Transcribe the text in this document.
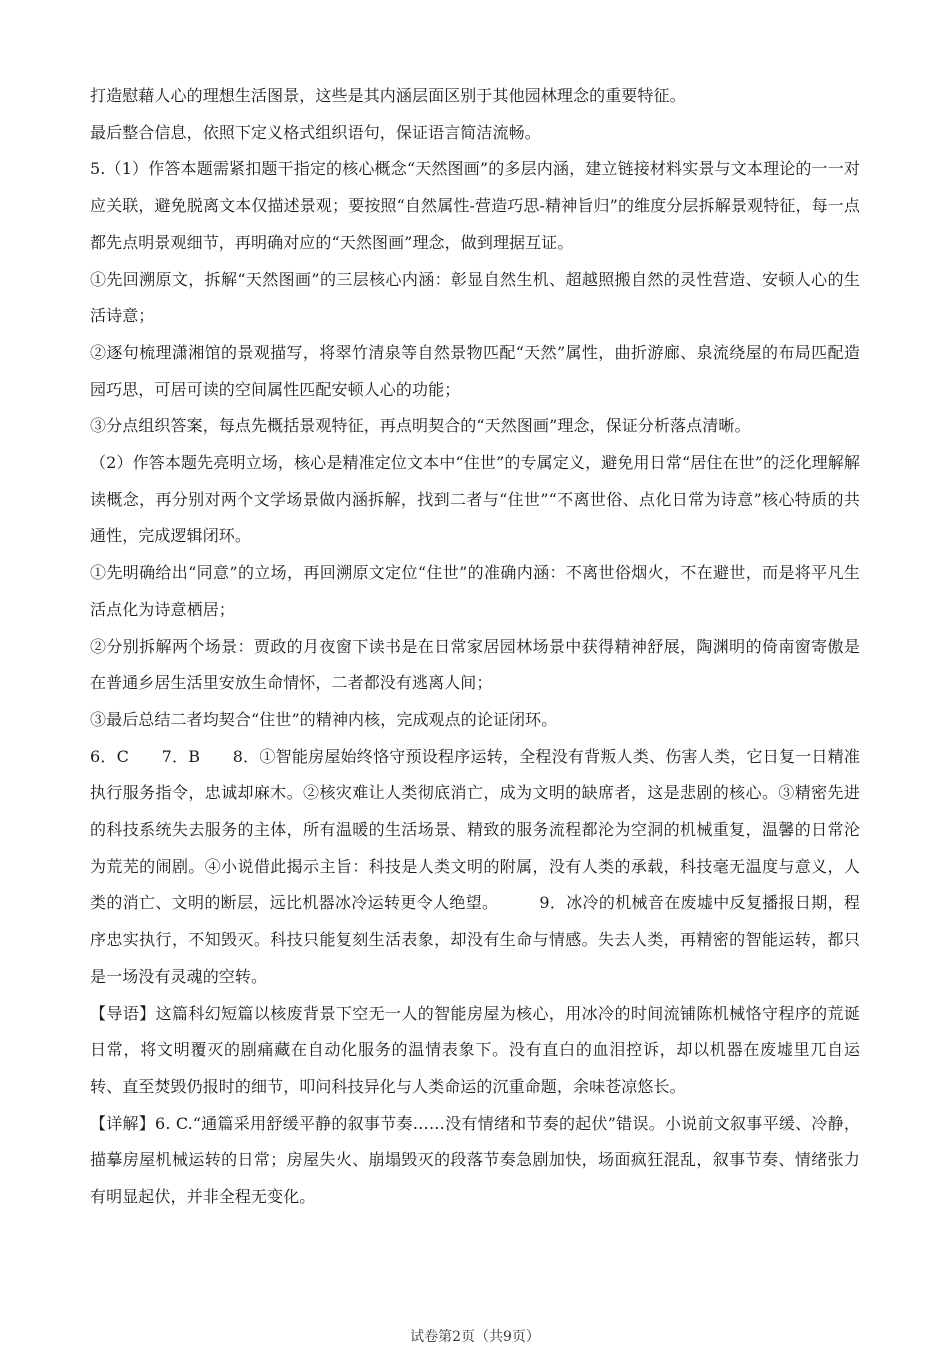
打造慰藉人心的理想生活图景，这些是其内涵层面区别于其他园林理念的重要特征。

最后整合信息，依照下定义格式组织语句，保证语言简洁流畅。

5.（1）作答本题需紧扣题干指定的核心概念“天然图画”的多层内涵，建立链接材料实景与文本理论的一一对应关联，避免脱离文本仅描述景观；要按照“自然属性-营造巧思-精神旨归”的维度分层拆解景观特征，每一点都先点明景观细节，再明确对应的“天然图画”理念，做到理据互证。

①先回溯原文，拆解“天然图画”的三层核心内涵：彰显自然生机、超越照搬自然的灵性营造、安顿人心的生活诗意；

②逐句梳理潇湘馆的景观描写，将翠竹清泉等自然景物匹配“天然”属性，曲折游廊、泉流绕屋的布局匹配造园巧思，可居可读的空间属性匹配安顿人心的功能；

③分点组织答案，每点先概括景观特征，再点明契合的“天然图画”理念，保证分析落点清晰。

（2）作答本题先亮明立场，核心是精准定位文本中“住世”的专属定义，避免用日常“居住在世”的泛化理解解读概念，再分别对两个文学场景做内涵拆解，找到二者与“住世”“不离世俗、点化日常为诗意”核心特质的共通性，完成逻辑闭环。

①先明确给出“同意”的立场，再回溯原文定位“住世”的准确内涵：不离世俗烟火，不在避世，而是将平凡生活点化为诗意栖居；

②分别拆解两个场景：贾政的月夜窗下读书是在日常家居园林场景中获得精神舒展，陶渊明的倚南窗寄傲是在普通乡居生活里安放生命情怀，二者都没有逃离人间；

③最后总结二者均契合“住世”的精神内核，完成观点的论证闭环。

6．C　　7．B　　8．①智能房屋始终恪守预设程序运转，全程没有背叛人类、伤害人类，它日复一日精准执行服务指令，忠诚却麻木。②核灾难让人类彻底消亡，成为文明的缺席者，这是悲剧的核心。③精密先进的科技系统失去服务的主体，所有温暖的生活场景、精致的服务流程都沦为空洞的机械重复，温馨的日常沦为荒芜的闹剧。④小说借此揭示主旨：科技是人类文明的附属，没有人类的承载，科技毫无温度与意义，人类的消亡、文明的断层，远比机器冰冷运转更令人绝望。　　　9．冰冷的机械音在废墟中反复播报日期，程序忠实执行，不知毁灭。科技只能复刻生活表象，却没有生命与情感。失去人类，再精密的智能运转，都只是一场没有灵魂的空转。

【导语】这篇科幻短篇以核废背景下空无一人的智能房屋为核心，用冰冷的时间流铺陈机械恪守程序的荒诞日常，将文明覆灭的剧痛藏在自动化服务的温情表象下。没有直白的血泪控诉，却以机器在废墟里兀自运转、直至焚毁仍报时的细节，叩问科技异化与人类命运的沉重命题，余味苍凉悠长。

【详解】6. C.“通篇采用舒缓平静的叙事节奏……没有情绪和节奏的起伏”错误。小说前文叙事平缓、冷静，描摹房屋机械运转的日常；房屋失火、崩塌毁灭的段落节奏急剧加快，场面疯狂混乱，叙事节奏、情绪张力有明显起伏，并非全程无变化。

试卷第2页（共9页）
